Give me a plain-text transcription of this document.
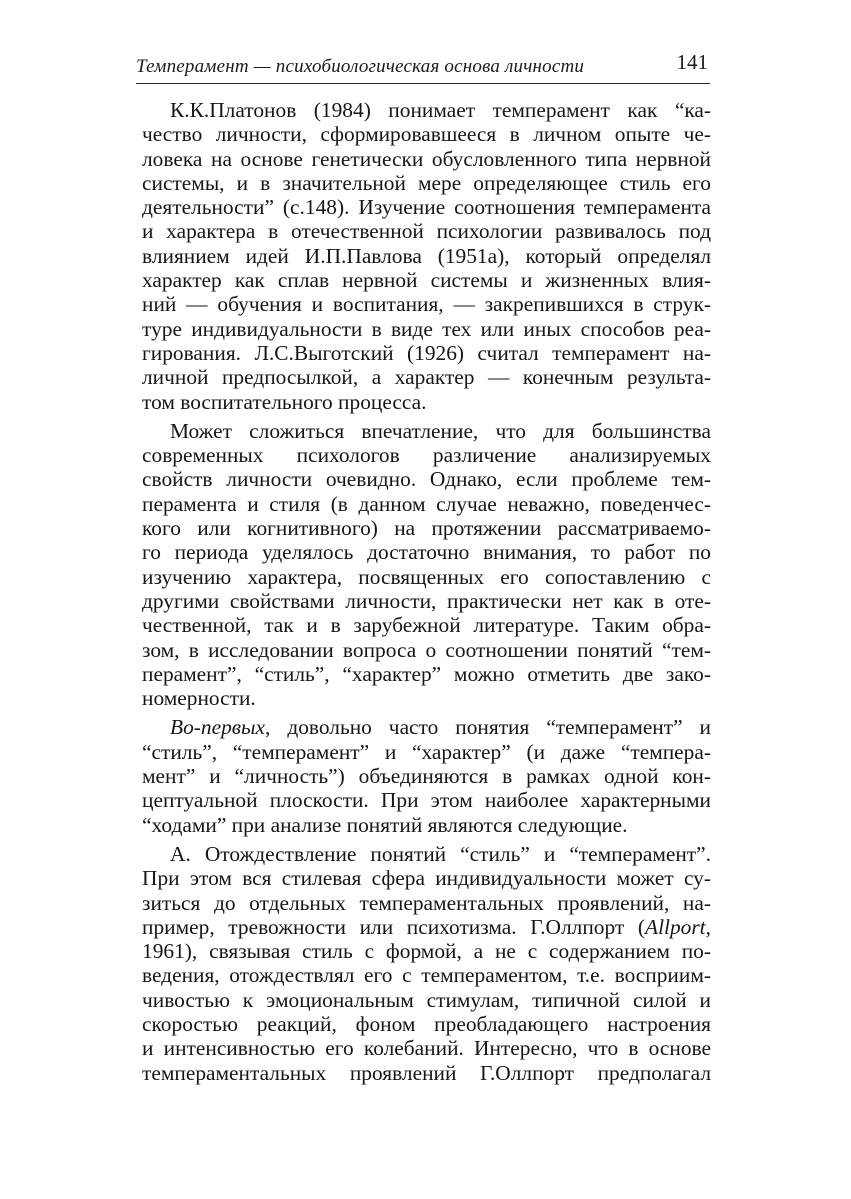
Темперамент — психобиологическая основа личности	141

К.К.Платонов (1984) понимает темперамент как “ка-
чество личности, сформировавшееся в личном опыте че-
ловека на основе генетически обусловленного типа нервной
системы, и в значительной мере определяющее стиль его
деятельности” (с.148). Изучение соотношения темперамента
и характера в отечественной психологии развивалось под
влиянием идей И.П.Павлова (1951а), который определял
характер как сплав нервной системы и жизненных влия-
ний — обучения и воспитания, — закрепившихся в струк-
туре индивидуальности в виде тех или иных способов реа-
гирования. Л.С.Выготский (1926) считал темперамент на-
личной предпосылкой, а характер — конечным результа-
том воспитательного процесса.

Может сложиться впечатление, что для большинства
современных психологов различение анализируемых
свойств личности очевидно. Однако, если проблеме тем-
перамента и стиля (в данном случае неважно, поведенчес-
кого или когнитивного) на протяжении рассматриваемо-
го периода уделялось достаточно внимания, то работ по
изучению характера, посвященных его сопоставлению с
другими свойствами личности, практически нет как в оте-
чественной, так и в зарубежной литературе. Таким обра-
зом, в исследовании вопроса о соотношении понятий “тем-
перамент”, “стиль”, “характер” можно отметить две зако-
номерности.

Во-первых, довольно часто понятия “темперамент” и
“стиль”, “темперамент” и “характер” (и даже “темпера-
мент” и “личность”) объединяются в рамках одной кон-
цептуальной плоскости. При этом наиболее характерными
“ходами” при анализе понятий являются следующие.

А. Отождествление понятий “стиль” и “темперамент”.
При этом вся стилевая сфера индивидуальности может су-
зиться до отдельных темпераментальных проявлений, на-
пример, тревожности или психотизма. Г.Оллпорт (Allport,
1961), связывая стиль с формой, а не с содержанием по-
ведения, отождествлял его с темпераментом, т.е. восприим-
чивостью к эмоциональным стимулам, типичной силой и
скоростью реакций, фоном преобладающего настроения
и интенсивностью его колебаний. Интересно, что в основе
темпераментальных проявлений Г.Оллпорт предполагал
